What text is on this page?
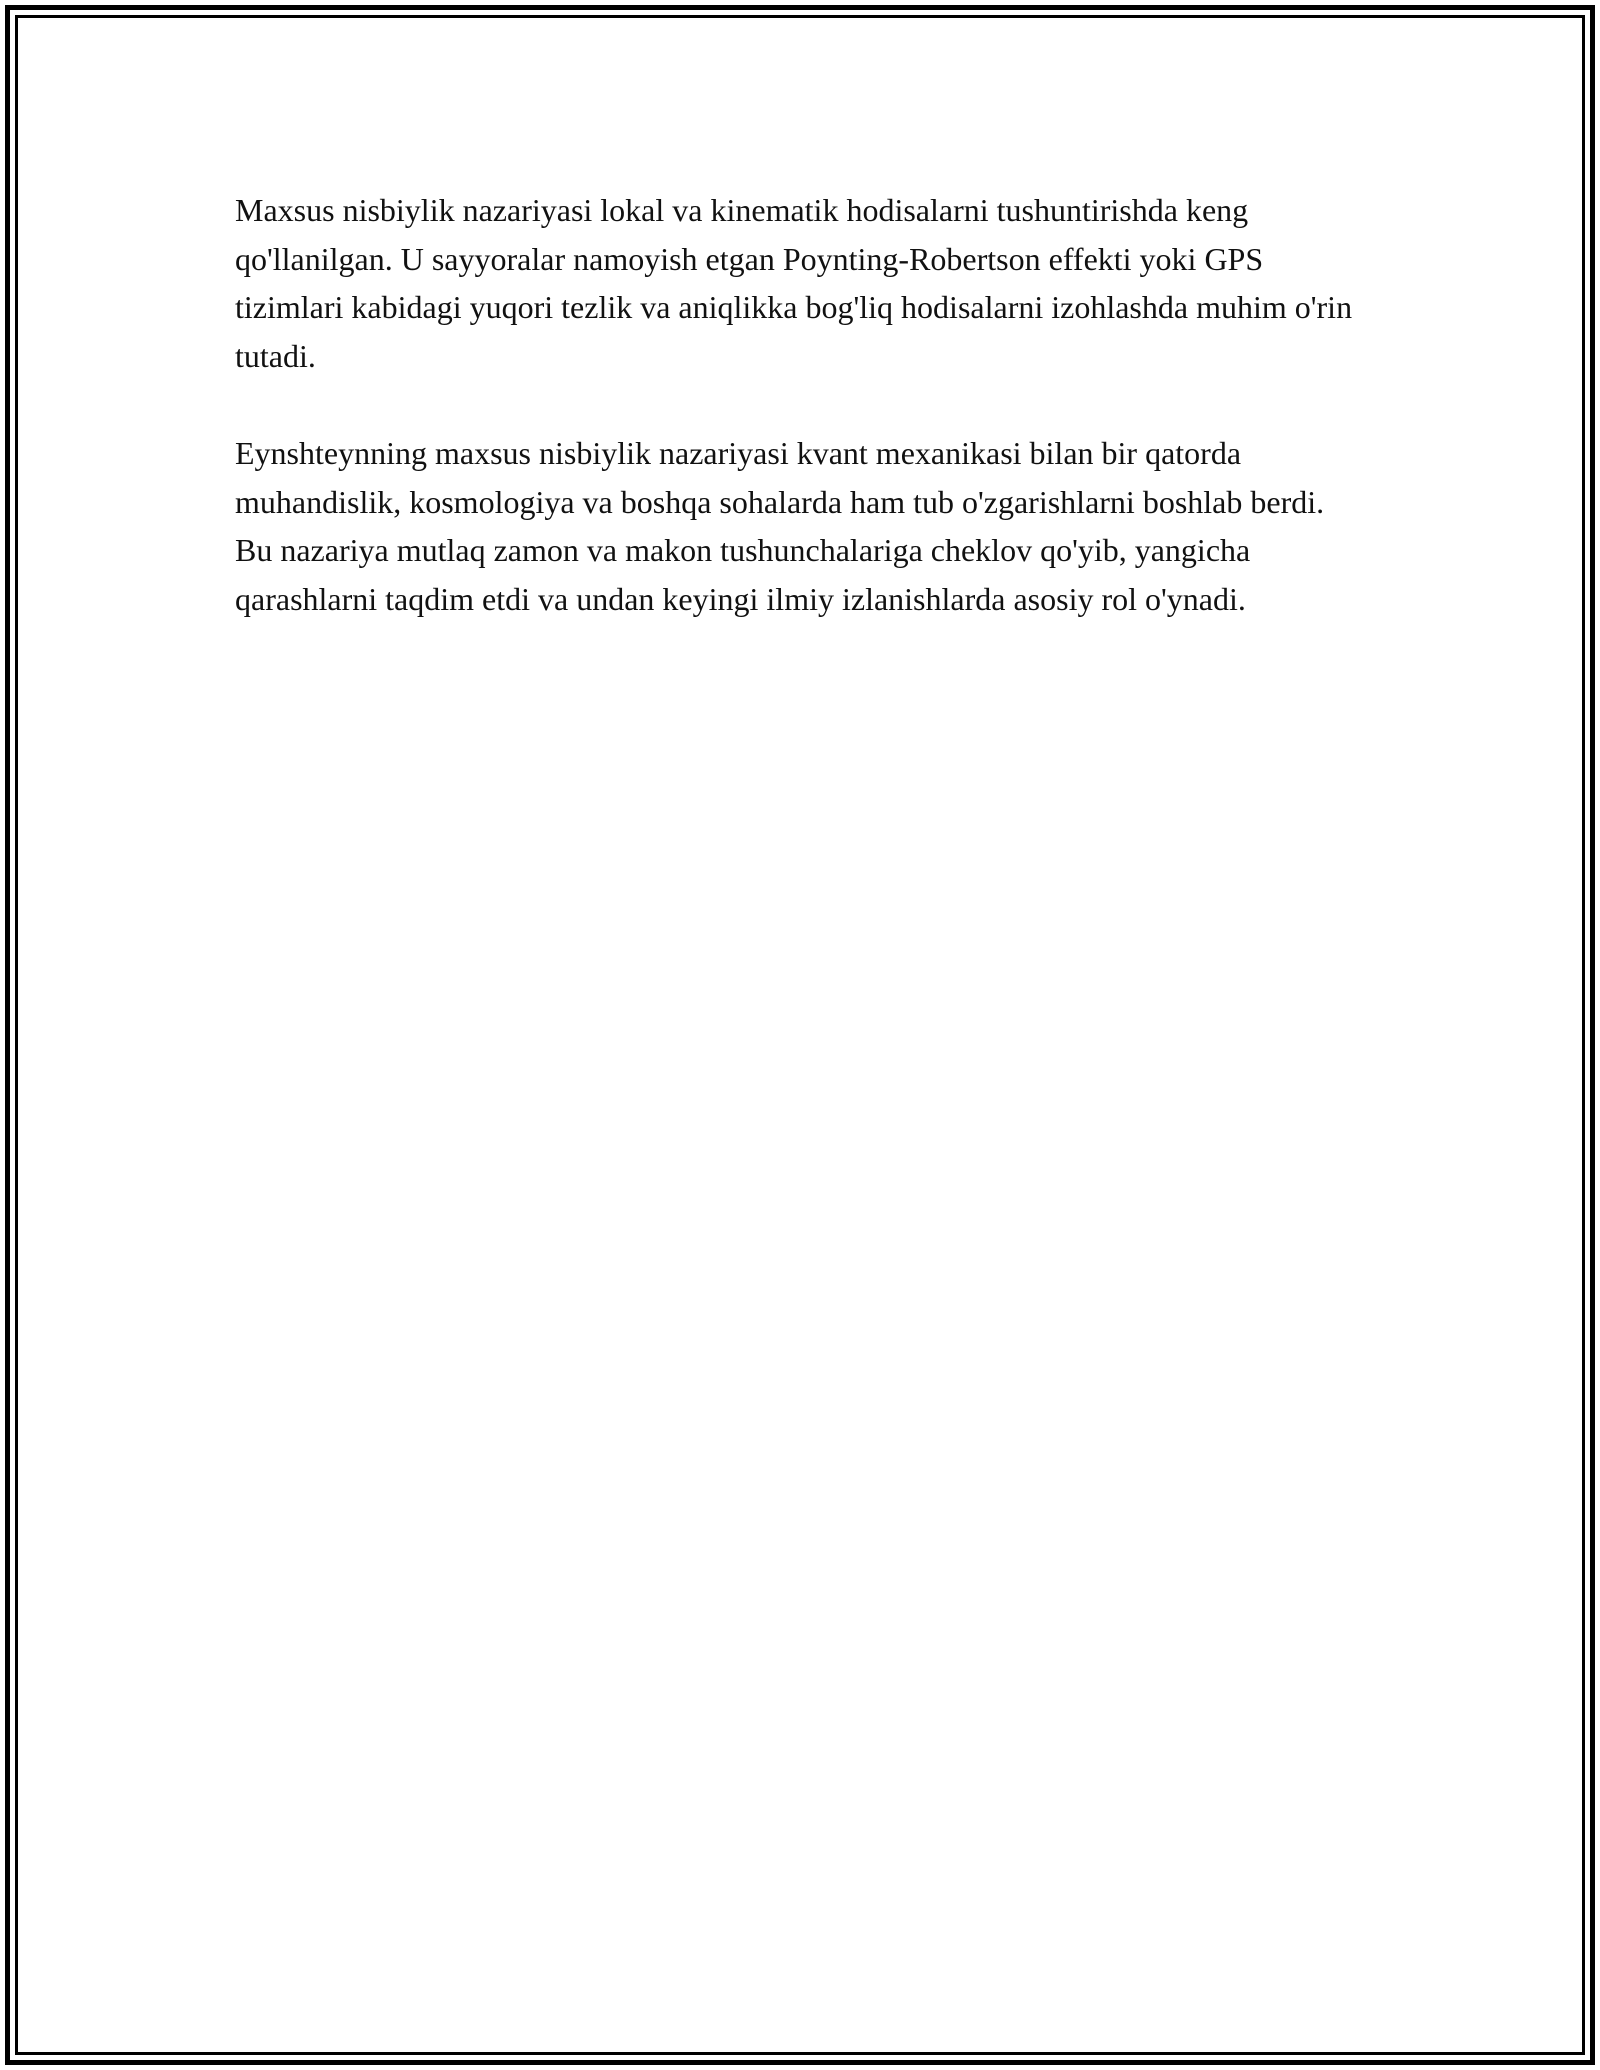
Maxsus nisbiylik nazariyasi lokal va kinematik hodisalarni tushuntirishda keng qo'llanilgan. U sayyoralar namoyish etgan Poynting-Robertson effekti yoki GPS tizimlari kabidagi yuqori tezlik va aniqlikka bog'liq hodisalarni izohlashda muhim o'rin tutadi.

Eynshteynning maxsus nisbiylik nazariyasi kvant mexanikasi bilan bir qatorda muhandislik, kosmologiya va boshqa sohalarda ham tub o'zgarishlarni boshlab berdi. Bu nazariya mutlaq zamon va makon tushunchalariga cheklov qo'yib, yangicha qarashlarni taqdim etdi va undan keyingi ilmiy izlanishlarda asosiy rol o'ynadi.
